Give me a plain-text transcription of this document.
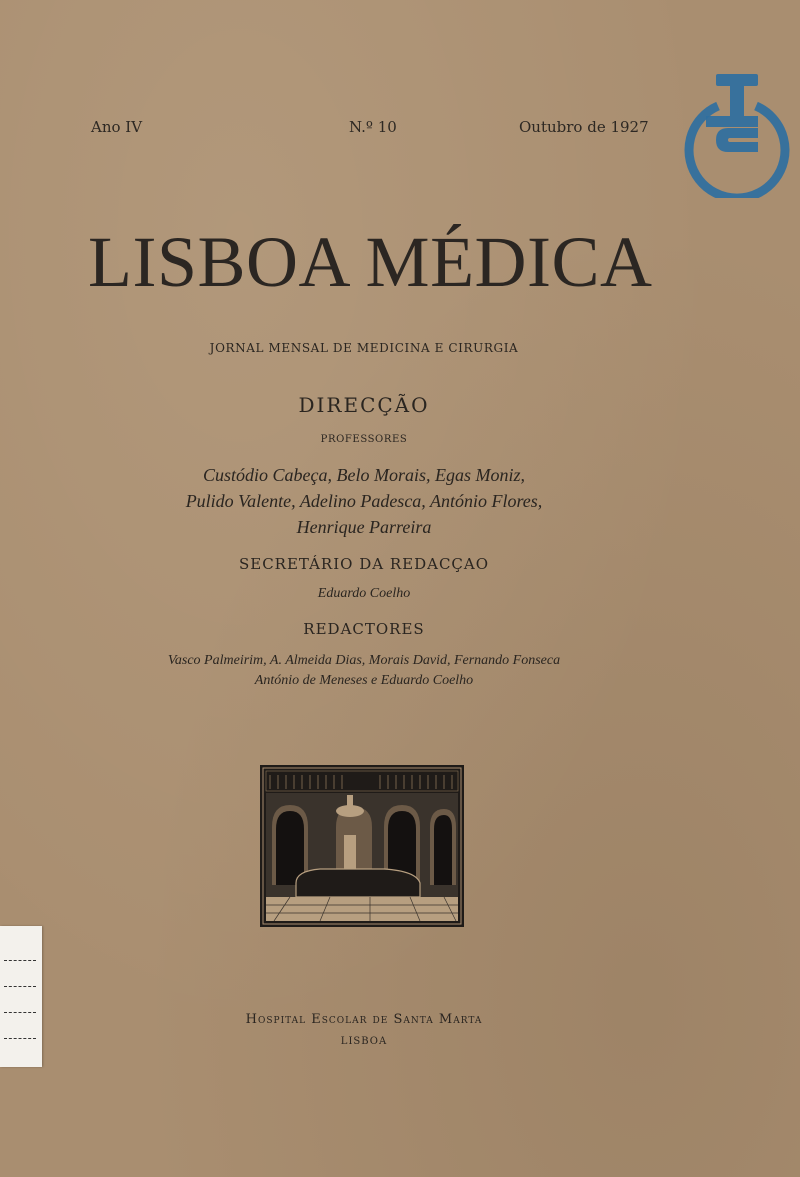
Ano IV	N.º 10	Outubro de 1927
LISBOA MÉDICA
JORNAL MENSAL DE MEDICINA E CIRURGIA
DIRECÇÃO
PROFESSORES
Custódio Cabeça, Belo Morais, Egas Moniz,
Pulido Valente, Adelino Padesca, António Flores,
Henrique Parreira
SECRETÁRIO DA REDACÇAO
Eduardo Coelho
REDACTORES
Vasco Palmeirim, A. Almeida Dias, Morais David, Fernando Fonseca
António de Meneses e Eduardo Coelho
Hospital Escolar de Santa Marta
LISBOA
